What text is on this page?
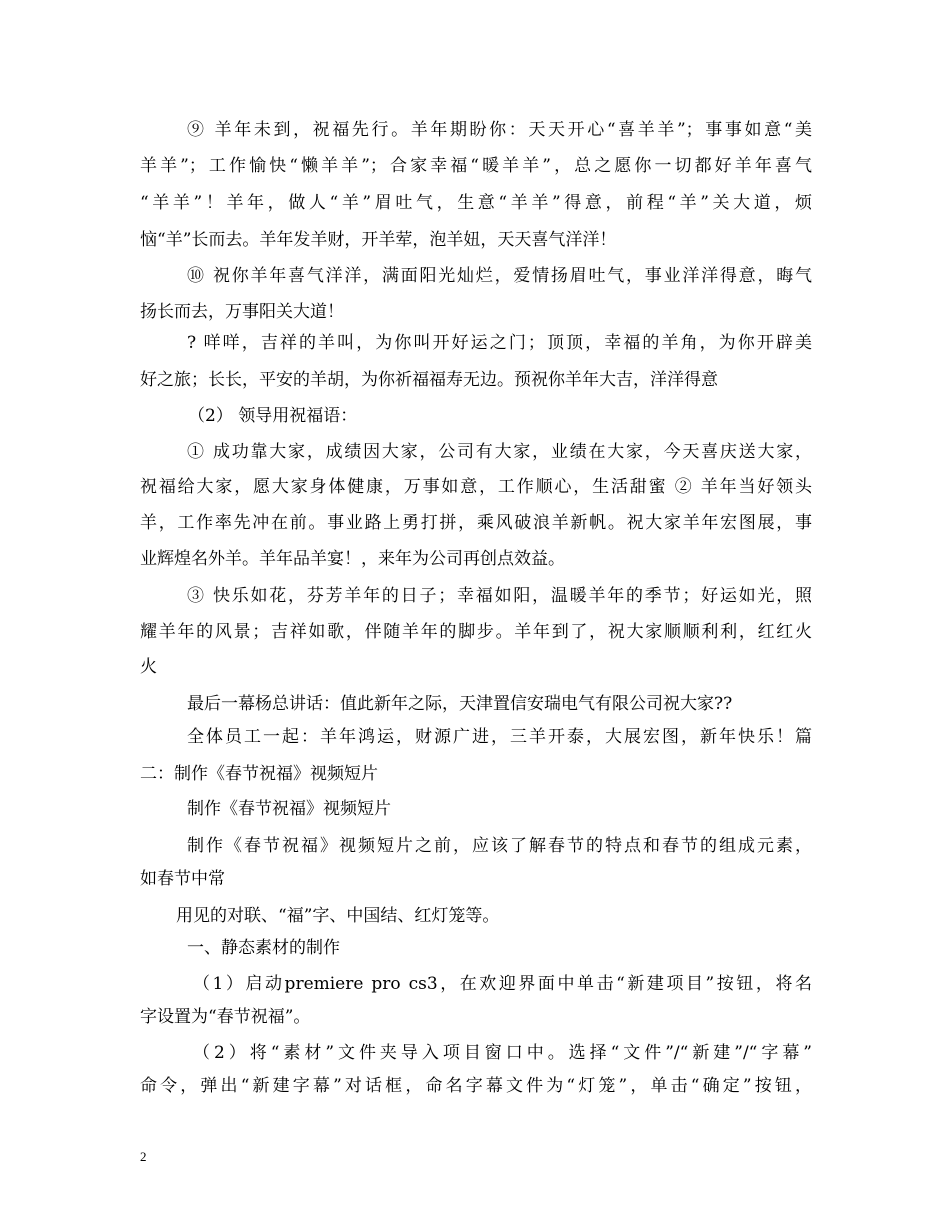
⑨ 羊年未到，祝福先行。羊年期盼你：天天开心“喜羊羊”；事事如意“美
羊羊”；工作愉快“懒羊羊”；合家幸福“暖羊羊”，总之愿你一切都好羊年喜气
“羊羊”！羊年，做人“羊”眉吐气，生意“羊羊”得意，前程“羊”关大道，烦
恼“羊”长而去。羊年发羊财，开羊荤，泡羊妞，天天喜气洋洋！
⑩ 祝你羊年喜气洋洋，满面阳光灿烂，爱情扬眉吐气，事业洋洋得意，晦气
扬长而去，万事阳关大道！
? 咩咩，吉祥的羊叫，为你叫开好运之门；顶顶，幸福的羊角，为你开辟美
好之旅；长长，平安的羊胡，为你祈福福寿无边。预祝你羊年大吉，洋洋得意
（2） 领导用祝福语：
① 成功靠大家，成绩因大家，公司有大家，业绩在大家，今天喜庆送大家，
祝福给大家，愿大家身体健康，万事如意，工作顺心，生活甜蜜 ② 羊年当好领头
羊，工作率先冲在前。事业路上勇打拼，乘风破浪羊新帆。祝大家羊年宏图展，事
业辉煌名外羊。羊年品羊宴！，来年为公司再创点效益。
③ 快乐如花，芬芳羊年的日子；幸福如阳，温暖羊年的季节；好运如光，照
耀羊年的风景；吉祥如歌，伴随羊年的脚步。羊年到了，祝大家顺顺利利，红红火
火
最后一幕杨总讲话：值此新年之际，天津置信安瑞电气有限公司祝大家??
全体员工一起：羊年鸿运，财源广进，三羊开泰，大展宏图，新年快乐！篇
二：制作《春节祝福》视频短片
制作《春节祝福》视频短片
制作《春节祝福》视频短片之前，应该了解春节的特点和春节的组成元素，
如春节中常
用见的对联、“福”字、中国结、红灯笼等。
一、静态素材的制作
（1）启动premiere pro cs3，在欢迎界面中单击“新建项目”按钮，将名
字设置为“春节祝福”。
（2）将“素材”文件夹导入项目窗口中。选择“文件”/“新建”/“字幕”
命令，弹出“新建字幕”对话框，命名字幕文件为“灯笼”，单击“确定”按钮，
2
